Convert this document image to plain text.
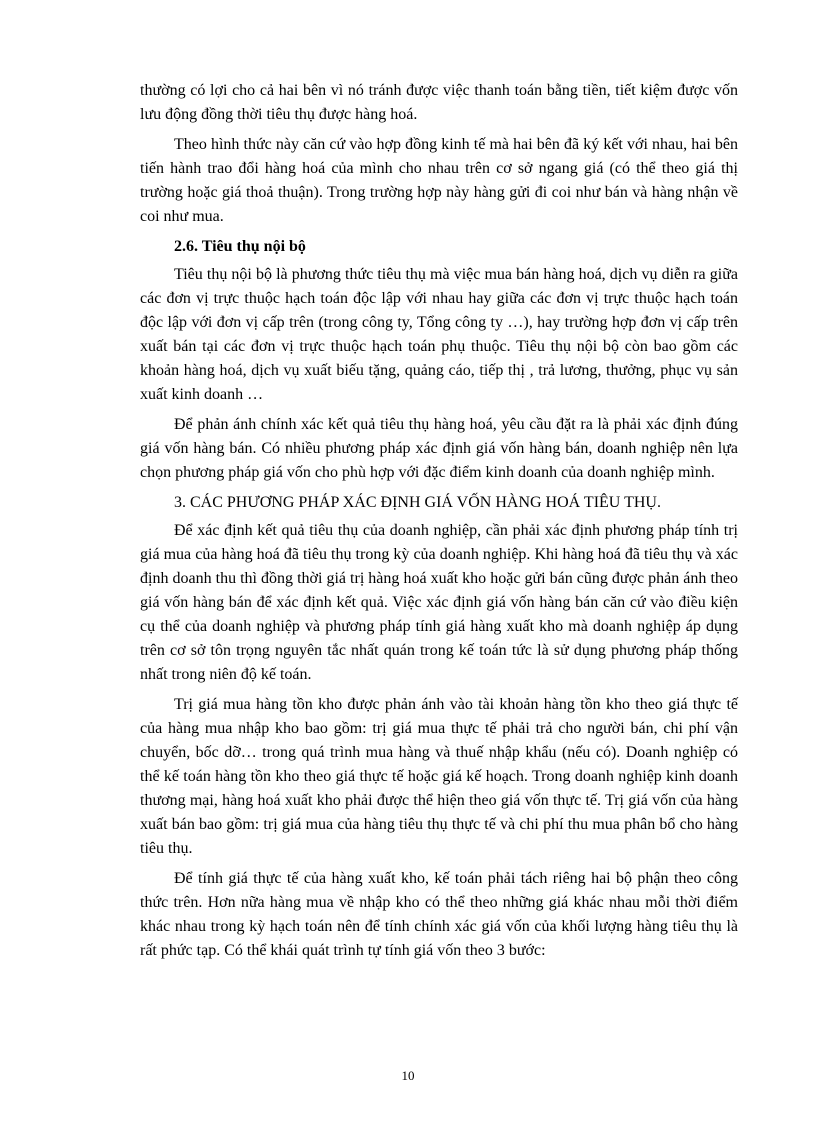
thường có lợi cho cả hai bên vì nó tránh được việc thanh toán bằng tiền, tiết kiệm được vốn lưu động đồng thời tiêu thụ được hàng hoá.

Theo hình thức này căn cứ vào hợp đồng kinh tế mà hai bên đã ký kết với nhau, hai bên tiến hành trao đổi hàng hoá của mình cho nhau trên cơ sở ngang giá (có thể theo giá thị trường hoặc giá thoả thuận). Trong trường hợp này hàng gửi đi coi như bán và hàng nhận về coi như mua.

2.6. Tiêu thụ nội bộ

Tiêu thụ nội bộ là phương thức tiêu thụ mà việc mua bán hàng hoá, dịch vụ diễn ra giữa các đơn vị trực thuộc hạch toán độc lập với nhau hay giữa các đơn vị trực thuộc hạch toán độc lập với đơn vị cấp trên (trong công ty, Tổng công ty …), hay trường hợp đơn vị cấp trên xuất bán tại các đơn vị trực thuộc hạch toán phụ thuộc. Tiêu thụ nội bộ còn bao gồm các khoản hàng hoá, dịch vụ xuất biếu tặng, quảng cáo, tiếp thị , trả lương, thưởng, phục vụ sản xuất kinh doanh …

Để phản ánh chính xác kết quả tiêu thụ hàng hoá, yêu cầu đặt ra là phải xác định đúng giá vốn hàng bán. Có nhiều phương pháp xác định giá vốn hàng bán, doanh nghiệp nên lựa chọn phương pháp giá vốn cho phù hợp với đặc điểm kinh doanh của doanh nghiệp mình.

3. CÁC PHƯƠNG PHÁP XÁC ĐỊNH GIÁ VỐN HÀNG HOÁ TIÊU THỤ.

Để xác định kết quả tiêu thụ của doanh nghiệp, cần phải xác định phương pháp tính trị giá mua của hàng hoá đã tiêu thụ trong kỳ của doanh nghiệp. Khi hàng hoá đã tiêu thụ và xác định doanh thu thì đồng thời giá trị hàng hoá xuất kho hoặc gửi bán cũng được phản ánh theo giá vốn hàng bán để xác định kết quả. Việc xác định giá vốn hàng bán căn cứ vào điều kiện cụ thể của doanh nghiệp và phương pháp tính giá hàng xuất kho mà doanh nghiệp áp dụng trên cơ sở tôn trọng nguyên tắc nhất quán trong kế toán tức là sử dụng phương pháp thống nhất trong niên độ kế toán.

Trị giá mua hàng tồn kho được phản ánh vào tài khoản hàng tồn kho theo giá thực tế của hàng mua nhập kho bao gồm: trị giá mua thực tế phải trả cho người bán, chi phí vận chuyển, bốc dỡ… trong quá trình mua hàng và thuế nhập khẩu (nếu có). Doanh nghiệp có thể kế toán hàng tồn kho theo giá thực tế hoặc giá kế hoạch. Trong doanh nghiệp kinh doanh thương mại, hàng hoá xuất kho phải được thể hiện theo giá vốn thực tế. Trị giá vốn của hàng xuất bán bao gồm: trị giá mua của hàng tiêu thụ thực tế và chi phí thu mua phân bổ cho hàng tiêu thụ.

Để tính giá thực tế của hàng xuất kho, kế toán phải tách riêng hai bộ phận theo công thức trên. Hơn nữa hàng mua về nhập kho có thể theo những giá khác nhau mỗi thời điểm khác nhau trong kỳ hạch toán nên để tính chính xác giá vốn của khối lượng hàng tiêu thụ là rất phức tạp. Có thể khái quát trình tự tính giá vốn theo 3 bước:

10
